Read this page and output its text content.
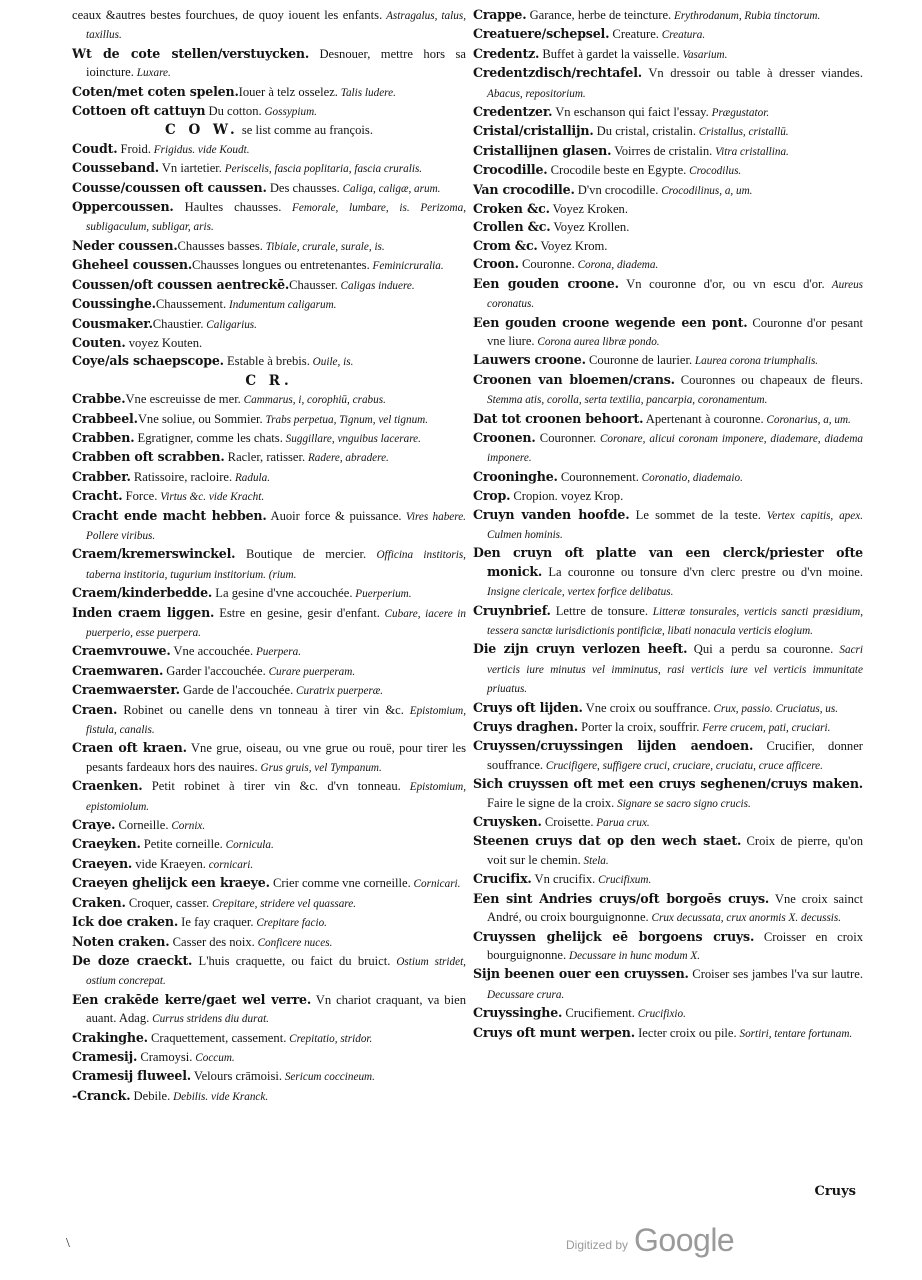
ceaux &autres bestes fourchues, de quoy iouent les enfants. Astragalus, talus, taxillus.

Wt de cote stellen/verstuycken. Desnouer, mettre hors sa ioincture. Luxare.

Coten/met coten spelen.Iouer à telz osselez. Talis ludere.

Cottoen oft cattuyn Du cotton. Gossypium.

C O W. se list comme au françois.

Coudt. Froid. Frigidus. vide Koudt.

Cousseband. Vn iartetier. Periscelis, fascia poplitaria, fascia cruralis.

Cousse/coussen oft caussen. Des chausses. Caliga, caligæ, arum.

Oppercoussen. Haultes chausses. Femorale, lumbare, is. Perizoma, subligaculum, subligar, aris.

Neder coussen.Chausses basses. Tibiale, crurale, surale, is.

Gheheel coussen.Chausses longues ou entretenantes. Feminicruralia.

Coussen/oft coussen aentreckē.Chausser. Caligas induere.

Coussinghe.Chaussement. Indumentum caligarum.

Cousmaker.Chaustier. Caligarius.

Couten. voyez Kouten.

Coye/als schaepscope. Estable à brebis. Ouile, is.

C R.

Crabbe.Vne escreuisse de mer. Cammarus, i, corophiū, crabus.

Crabbeel.Vne soliue, ou Sommier. Trabs perpetua, Tignum, vel tignum.

Crabben. Egratigner, comme les chats. Suggillare, vnguibus lacerare.

Crabben oft scrabben. Racler, ratisser. Radere, abradere.

Crabber. Ratissoire, racloire. Radula.

Cracht. Force. Virtus &c. vide Kracht.

Cracht ende macht hebben. Auoir force & puissance. Vires habere. Pollere viribus.

Craem/kremerswinckel. Boutique de mercier. Officina institoris, taberna institoria, tugurium institorium. (rium.

Craem/kinderbedde. La gesine d'vne accouchée. Puerperium.

Inden craem liggen. Estre en gesine, gesir d'enfant. Cubare, iacere in puerperio, esse puerpera.

Craemvrouwe. Vne accouchée. Puerpera.

Craemwaren. Garder l'accouchée. Curare puerperam.

Craemwaerster. Garde de l'accouchée. Curatrix puerperæ.

Craen. Robinet ou canelle dens vn tonneau à tirer vin &c. Epistomium, fistula, canalis.

Craen oft kraen. Vne grue, oiseau, ou vne grue ou rouë, pour tirer les pesants fardeaux hors des nauires. Grus gruis, vel Tympanum.

Craenken. Petit robinet à tirer vin &c. d'vn tonneau. Epistomium, epistomiolum.

Craye. Corneille. Cornix.

Craeyken. Petite corneille. Cornicula.

Craeyen. vide Kraeyen. cornicari.

Craeyen ghelijck een kraeye. Crier comme vne corneille. Cornicari.

Craken. Croquer, casser. Crepitare, stridere vel quassare.

Ick doe craken. Ie fay craquer. Crepitare facio.

Noten craken. Casser des noix. Conficere nuces.

De doze craeckt. L'huis craquette, ou faict du bruict. Ostium stridet, ostium concrepat.

Een crakēde kerre/gaet wel verre. Vn chariot craquant, va bien auant. Adag. Currus stridens diu durat.

Crakinghe. Craquettement, cassement. Crepitatio, stridor.

Cramesij. Cramoysi. Coccum.

Cramesij fluweel. Velours crāmoisi. Sericum coccineum.

-Cranck. Debile. Debilis. vide Kranck.

Crappe. Garance, herbe de teincture. Erythrodanum, Rubia tinctorum.

Creatuere/schepsel. Creature. Creatura.

Credentz. Buffet à gardet la vaisselle. Vasarium.

Credentzdisch/rechtafel. Vn dressoir ou table à dresser viandes. Abacus, repositorium.

Credentzer. Vn eschanson qui faict l'essay. Prægustator.

Cristal/cristallijn. Du cristal, cristalin. Cristallus, cristallū.

Cristallijnen glasen. Voirres de cristalin. Vitra cristallina.

Crocodille. Crocodile beste en Egypte. Crocodilus.

Van crocodille. D'vn crocodille. Crocodilinus, a, um.

Croken &c. Voyez Kroken.

Crollen &c. Voyez Krollen.

Crom &c. Voyez Krom.

Croon. Couronne. Corona, diadema.

Een gouden croone. Vn couronne d'or, ou vn escu d'or. Aureus coronatus.

Een gouden croone wegende een pont. Couronne d'or pesant vne liure. Corona aurea libræ pondo.

Lauwers croone. Couronne de laurier. Laurea corona triumphalis.

Croonen van bloemen/crans. Couronnes ou chapeaux de fleurs. Stemma atis, corolla, serta textilia, pancarpia, coronamentum.

Dat tot croonen behoort. Apertenant à couronne. Coronarius, a, um.

Croonen. Couronner. Coronare, alicui coronam imponere, diademare, diadema imponere.

Crooninghe. Couronnement. Coronatio, diademaio.

Crop. Cropion. voyez Krop.

Cruyn vanden hoofde. Le sommet de la teste. Vertex capitis, apex. Culmen hominis.

Den cruyn oft platte van een clerck/priester ofte monick. La couronne ou tonsure d'vn clerc prestre ou d'vn moine. Insigne clericale, vertex forfice delibatus.

Cruynbrief. Lettre de tonsure. Litteræ tonsurales, verticis sancti præsidium, tessera sanctæ iurisdictionis pontificiæ, libati nonacula verticis elogium.

Die zijn cruyn verlozen heeft. Qui a perdu sa couronne. Sacri verticis iure minutus vel imminutus, rasi verticis iure vel verticis immunitate priuatus.

Cruys oft lijden. Vne croix ou souffrance. Crux, passio. Cruciatus, us.

Cruys draghen. Porter la croix, souffrir. Ferre crucem, pati, cruciari.

Cruyssen/cruyssingen lijden aendoen. Crucifier, donner souffrance. Crucifigere, suffigere cruci, cruciare, cruciatu, cruce afficere.

Sich cruyssen oft met een cruys seghenen/cruys maken. Faire le signe de la croix. Signare se sacro signo crucis.

Cruysken. Croisette. Parua crux.

Steenen cruys dat op den wech staet. Croix de pierre, qu'on voit sur le chemin. Stela.

Crucifix. Vn crucifix. Crucifixum.

Een sint Andries cruys/oft borgoēs cruys. Vne croix sainct André, ou croix bourguignonne. Crux decussata, crux anormis X. decussis.

Cruyssen ghelijck eē borgoens cruys. Croisser en croix bourguignonne. Decussare in hunc modum X.

Sijn beenen ouer een cruyssen. Croiser ses jambes l'va sur lautre. Decussare crura.

Cruyssinghe. Crucifiement. Crucifixio.

Cruys oft munt werpen. Iecter croix ou pile. Sortiri, tentare fortunam.

Cruys
Digitized by Google
\
